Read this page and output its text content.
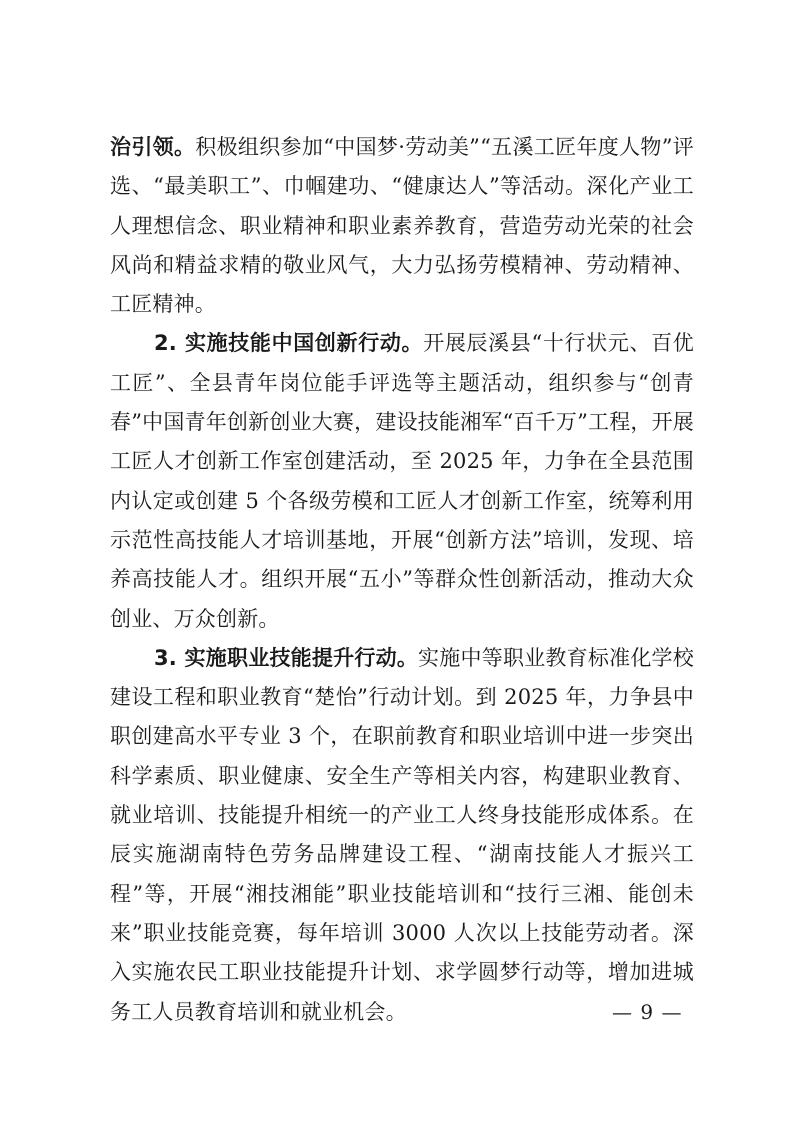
治引领。积极组织参加“中国梦·劳动美”“五溪工匠年度人物”评选、“最美职工”、巾帼建功、“健康达人”等活动。深化产业工人理想信念、职业精神和职业素养教育，营造劳动光荣的社会风尚和精益求精的敬业风气，大力弘扬劳模精神、劳动精神、工匠精神。

2. 实施技能中国创新行动。开展辰溪县“十行状元、百优工匠”、全县青年岗位能手评选等主题活动，组织参与“创青春”中国青年创新创业大赛，建设技能湘军“百千万”工程，开展工匠人才创新工作室创建活动，至 2025 年，力争在全县范围内认定或创建 5 个各级劳模和工匠人才创新工作室，统筹利用示范性高技能人才培训基地，开展“创新方法”培训，发现、培养高技能人才。组织开展“五小”等群众性创新活动，推动大众创业、万众创新。

3. 实施职业技能提升行动。实施中等职业教育标准化学校建设工程和职业教育“楚怡”行动计划。到 2025 年，力争县中职创建高水平专业 3 个，在职前教育和职业培训中进一步突出科学素质、职业健康、安全生产等相关内容，构建职业教育、就业培训、技能提升相统一的产业工人终身技能形成体系。在辰实施湖南特色劳务品牌建设工程、“湖南技能人才振兴工程”等，开展“湘技湘能”职业技能培训和“技行三湘、能创未来”职业技能竞赛，每年培训 3000 人次以上技能劳动者。深入实施农民工职业技能提升计划、求学圆梦行动等，增加进城务工人员教育培训和就业机会。	— 9 —
